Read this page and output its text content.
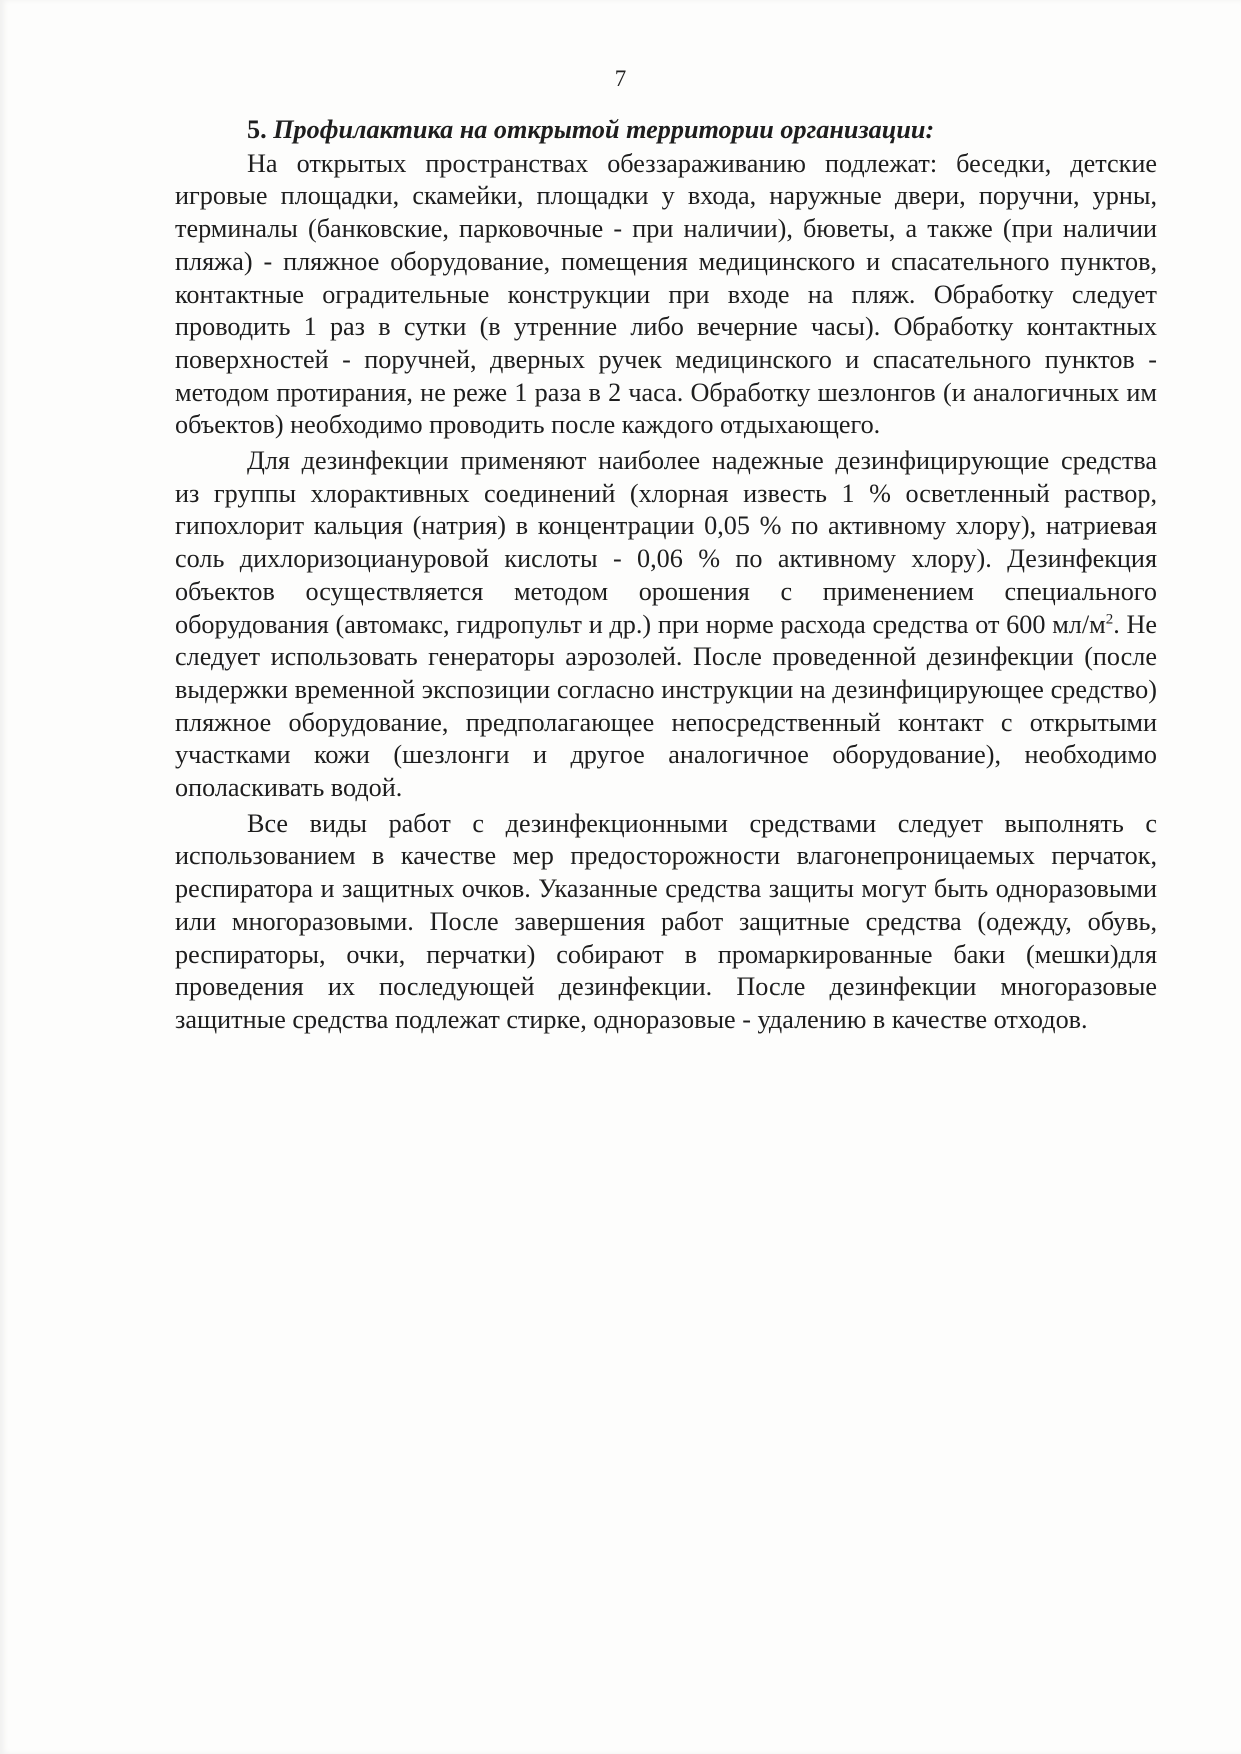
7
5. Профилактика на открытой территории организации:

На открытых пространствах обеззараживанию подлежат: беседки, детские игровые площадки, скамейки, площадки у входа, наружные двери, поручни, урны, терминалы (банковские, парковочные - при наличии), бюветы, а также (при наличии пляжа) - пляжное оборудование, помещения медицинского и спасательного пунктов, контактные оградительные конструкции при входе на пляж. Обработку следует проводить 1 раз в сутки (в утренние либо вечерние часы). Обработку контактных поверхностей - поручней, дверных ручек медицинского и спасательного пунктов - методом протирания, не реже 1 раза в 2 часа. Обработку шезлонгов (и аналогичных им объектов) необходимо проводить после каждого отдыхающего.

Для дезинфекции применяют наиболее надежные дезинфицирующие средства из группы хлорактивных соединений (хлорная известь 1 % осветленный раствор, гипохлорит кальция (натрия) в концентрации 0,05 % по активному хлору), натриевая соль дихлоризоциануровой кислоты - 0,06 % по активному хлору). Дезинфекция объектов осуществляется методом орошения с применением специального оборудования (автомакс, гидропульт и др.) при норме расхода средства от 600 $мл/м^2$. Не следует использовать генераторы аэрозолей. После проведенной дезинфекции (после выдержки временной экспозиции согласно инструкции на дезинфицирующее средство) пляжное оборудование, предполагающее непосредственный контакт с открытыми участками кожи (шезлонги и другое аналогичное оборудование), необходимо ополаскивать водой.

Все виды работ с дезинфекционными средствами следует выполнять с использованием в качестве мер предосторожности влагонепроницаемых перчаток, респиратора и защитных очков. Указанные средства защиты могут быть одноразовыми или многоразовыми. После завершения работ защитные средства (одежду, обувь, респираторы, очки, перчатки) собирают в промаркированные баки (мешки)для проведения их последующей дезинфекции. После дезинфекции многоразовые защитные средства подлежат стирке, одноразовые - удалению в качестве отходов.
